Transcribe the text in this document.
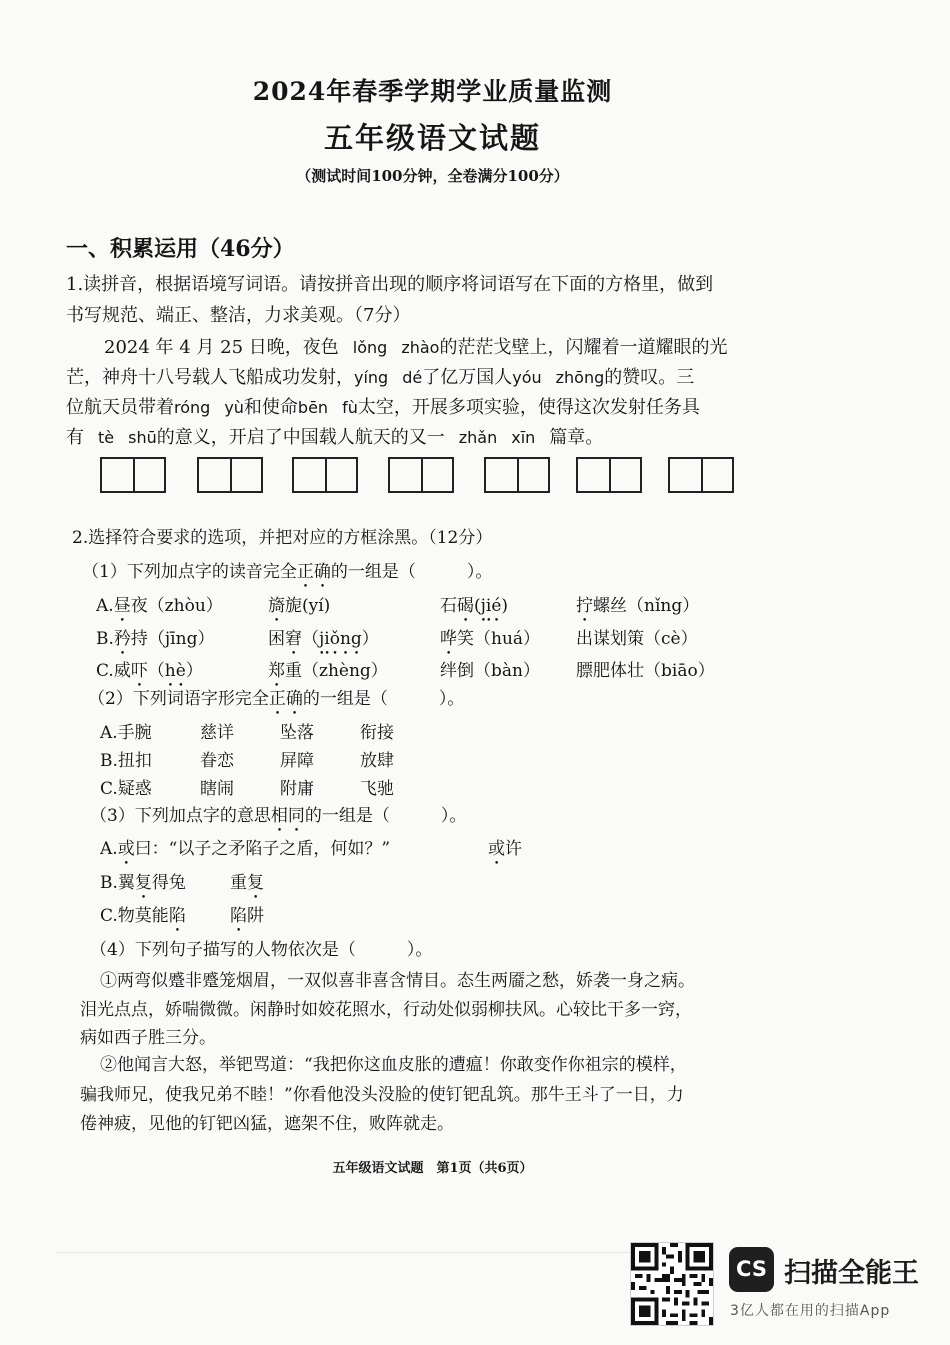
2024年春季学期学业质量监测
五年级语文试题
（测试时间100分钟，全卷满分100分）
一、积累运用（46分）
1.读拼音，根据语境写词语。请按拼音出现的顺序将词语写在下面的方格里，做到
书写规范、端正、整洁，力求美观。（7分）
2024 年 4 月 25 日晚，夜色 lǒng zhào的茫茫戈壁上，闪耀着一道耀眼的光
芒，神舟十八号载人飞船成功发射，yíng dé了亿万国人yóu zhōng的赞叹。三
位航天员带着róng yù和使命bēn fù太空，开展多项实验，使得这次发射任务具
有 tè shū的意义，开启了中国载人航天的又一 zhǎn xīn 篇章。
2.选择符合要求的选项，并把对应的方框涂黑。（12分）
（1）下列加点字的读音完全正确的一组是（　　　）。
A.昼夜（zhòu）	旖旎(yí)	石碣(jié)	拧螺丝（nǐng）
B.矜持（jīng）	困窘（jiǒng）	哗笑（huá） 出谋划策（cè）
C.威吓（hè）	郑重（zhèng）	绊倒（bàn） 膘肥体壮（biāo）
（2）下列词语字形完全正确的一组是（　　　）。
A.手腕	慈详	坠落	衔接
B.扭扣	眷恋	屏障	放肆
C.疑惑	瞎闹	附庸	飞驰
（3）下列加点字的意思相同的一组是（　　　）。
A.或曰：“以子之矛陷子之盾，何如？”	或许
B.翼复得兔	重复
C.物莫能陷	陷阱
（4）下列句子描写的人物依次是（　　　）。
①两弯似蹙非蹙笼烟眉，一双似喜非喜含情目。态生两靥之愁，娇袭一身之病。
泪光点点，娇喘微微。闲静时如姣花照水，行动处似弱柳扶风。心较比干多一窍，
病如西子胜三分。
②他闻言大怒，举钯骂道：“我把你这血皮胀的遭瘟！你敢变作你祖宗的模样，
骗我师兄，使我兄弟不睦！”你看他没头没脸的使钉钯乱筑。那牛王斗了一日，力
倦神疲，见他的钉钯凶猛，遮架不住，败阵就走。
五年级语文试题　第1页（共6页）
CS 扫描全能王
3亿人都在用的扫描App
